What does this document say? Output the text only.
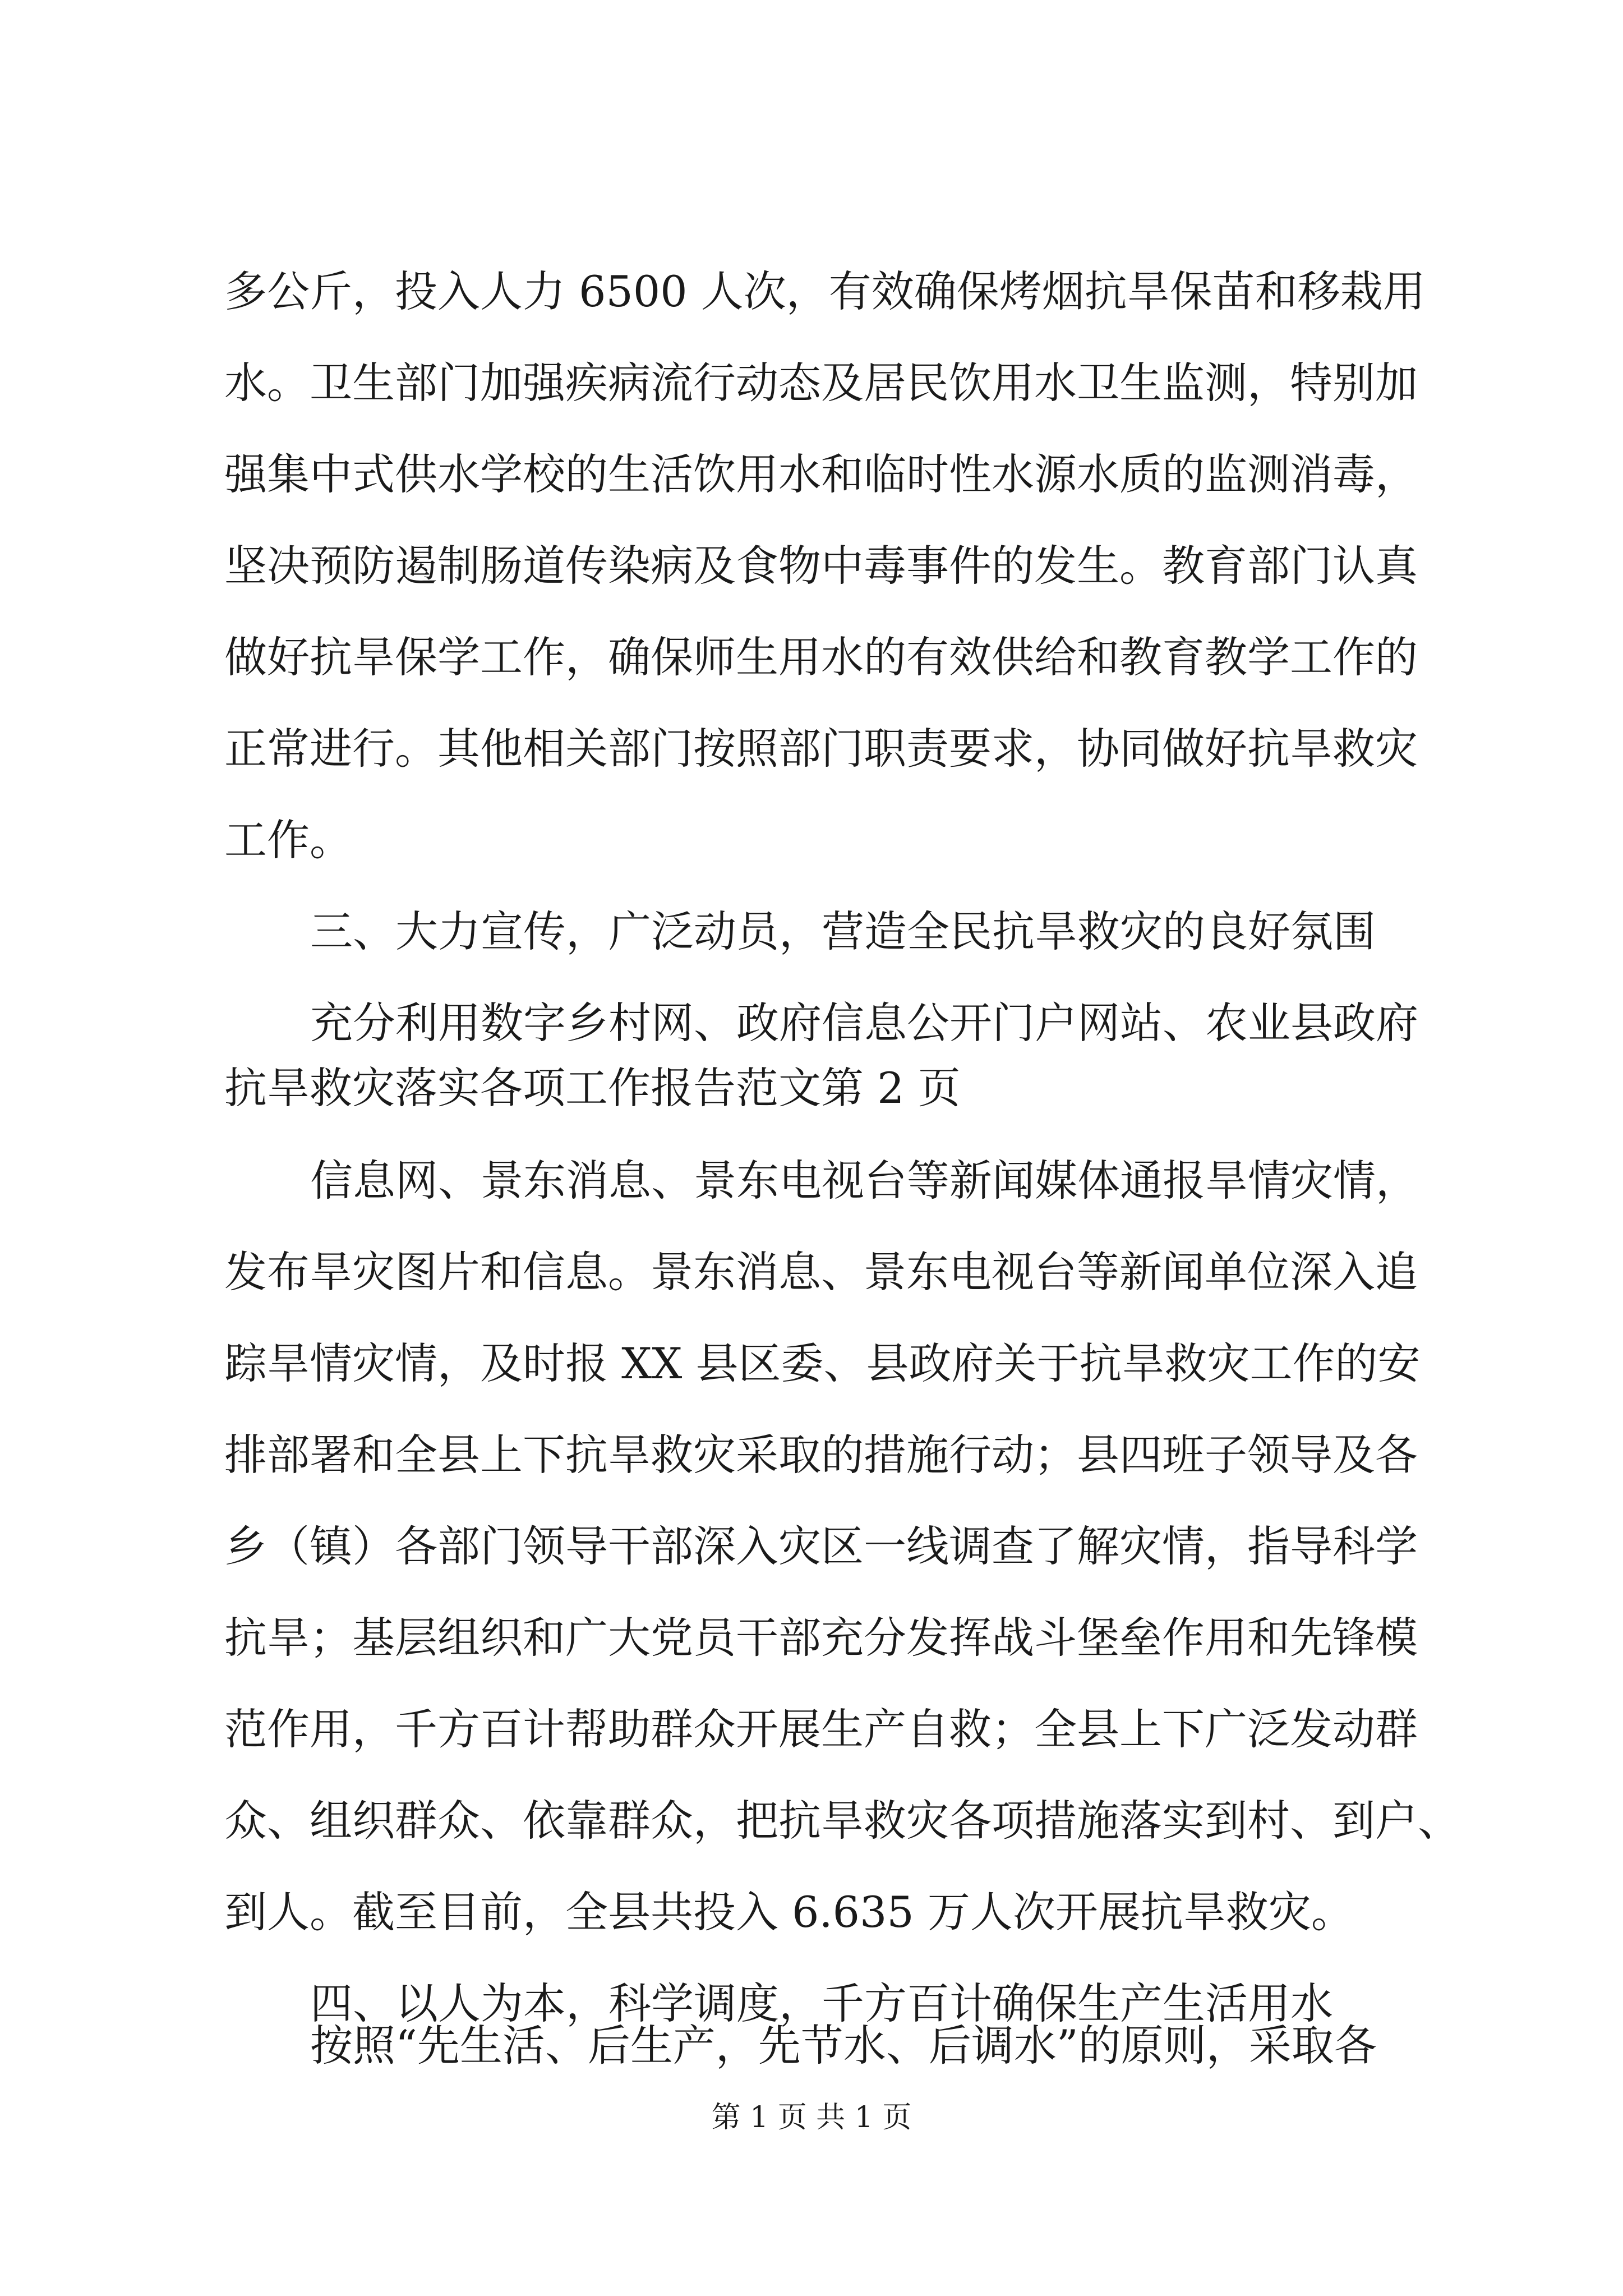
多公斤，投入人力 6500 人次，有效确保烤烟抗旱保苗和移栽用
水。卫生部门加强疾病流行动态及居民饮用水卫生监测，特别加
强集中式供水学校的生活饮用水和临时性水源水质的监测消毒，
坚决预防遏制肠道传染病及食物中毒事件的发生。教育部门认真
做好抗旱保学工作，确保师生用水的有效供给和教育教学工作的
正常进行。其他相关部门按照部门职责要求，协同做好抗旱救灾
工作。
三、大力宣传，广泛动员，营造全民抗旱救灾的良好氛围
充分利用数字乡村网、政府信息公开门户网站、农业县政府
抗旱救灾落实各项工作报告范文第 2 页
信息网、景东消息、景东电视台等新闻媒体通报旱情灾情，
发布旱灾图片和信息。景东消息、景东电视台等新闻单位深入追
踪旱情灾情，及时报 XX 县区委、县政府关于抗旱救灾工作的安
排部署和全县上下抗旱救灾采取的措施行动；县四班子领导及各
乡（镇）各部门领导干部深入灾区一线调查了解灾情，指导科学
抗旱；基层组织和广大党员干部充分发挥战斗堡垒作用和先锋模
范作用，千方百计帮助群众开展生产自救；全县上下广泛发动群
众、组织群众、依靠群众，把抗旱救灾各项措施落实到村、到户、
到人。截至目前，全县共投入 6.635 万人次开展抗旱救灾。
四、以人为本，科学调度，千方百计确保生产生活用水
按照“先生活、后生产，先节水、后调水”的原则，采取各
第 1 页 共 1 页
